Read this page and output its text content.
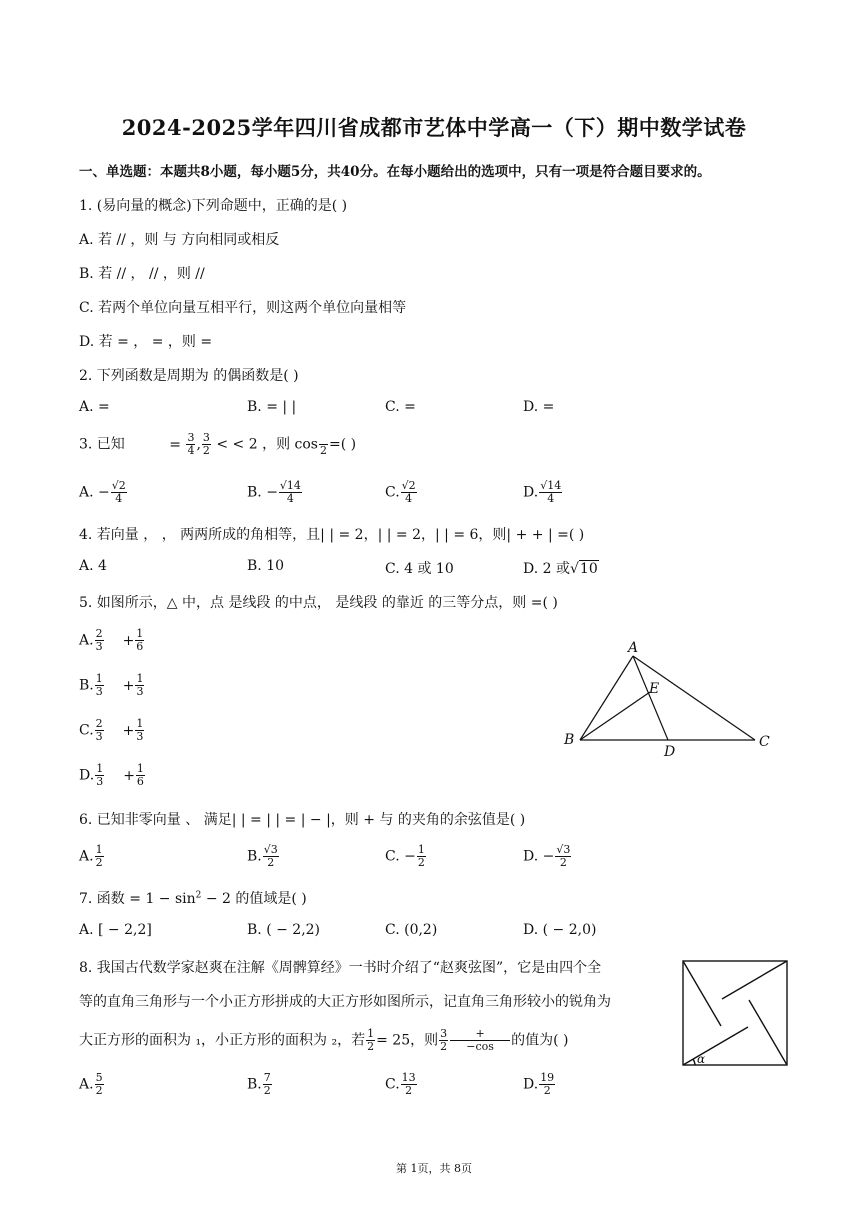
2024-2025学年四川省成都市艺体中学高一（下）期中数学试卷
一、单选题：本题共8小题，每小题5分，共40分。在每小题给出的选项中，只有一项是符合题目要求的。
1. (易向量的概念)下列命题中，正确的是( )
A. 若 // ，则 与 方向相同或相反
B. 若 // ， // ，则 //
C. 若两个单位向量互相平行，则这两个单位向量相等
D. 若 = ， = ，则 =
2. 下列函数是周期为 的偶函数是( )
A. =	B. = | |	C. =	D. =
3. 已知	= $\frac{3}{4}$ , $\frac{3}{2}$ < < 2 ，则 cos
2 =( )
A. − $\frac{√2}{4}$	B. − $\frac{√14}{4}$	C. $\frac{√2}{4}$	D. $\frac{√14}{4}$
4. 若向量 ， ， 两两所成的角相等，且| | = 2，| | = 2，| | = 6，则| + + | =( )
A. 4	B. 10	C. 4 或 10	D. 2 或√10
5. 如图所示，△ 中，点 是线段 的中点， 是线段 的靠近 的三等分点，则 =( )
A. $\frac{2}{3} + \frac{1}{6}$
B. $\frac{1}{3} + \frac{1}{3}$
C. $\frac{2}{3} + \frac{1}{3}$
D. $\frac{1}{3} + \frac{1}{6}$
A
B	C
D
E
6. 已知非零向量 、 满足| | = | | = | − |，则 + 与 的夹角的余弦值是( )
A. $\frac{1}{2}$	B. $\frac{√3}{2}$	C. − $\frac{1}{2}$	D. − $\frac{√3}{2}$
7. 函数 = $1 - \sin^2 - 2$ 的值域是( )
A. [ − 2,2]	B. ( − 2,2)	C. (0,2)	D. ( − 2,0)
8. 我国古代数学家赵爽在注解《周髀算经》一书时介绍了“赵爽弦图”，它是由四个全
等的直角三角形与一个小正方形拼成的大正方形如图所示，记直角三角形较小的锐角为
大正方形的面积为 ₁，小正方形的面积为 ₂，若 $\frac{1}{2} = 25$，则 $\frac{3}{2} \frac{+}{-\cos}$ 的值为( )
A. $\frac{5}{2}$	B. $\frac{7}{2}$	C. $\frac{13}{2}$	D. $\frac{19}{2}$
α
第 1页，共 8页
